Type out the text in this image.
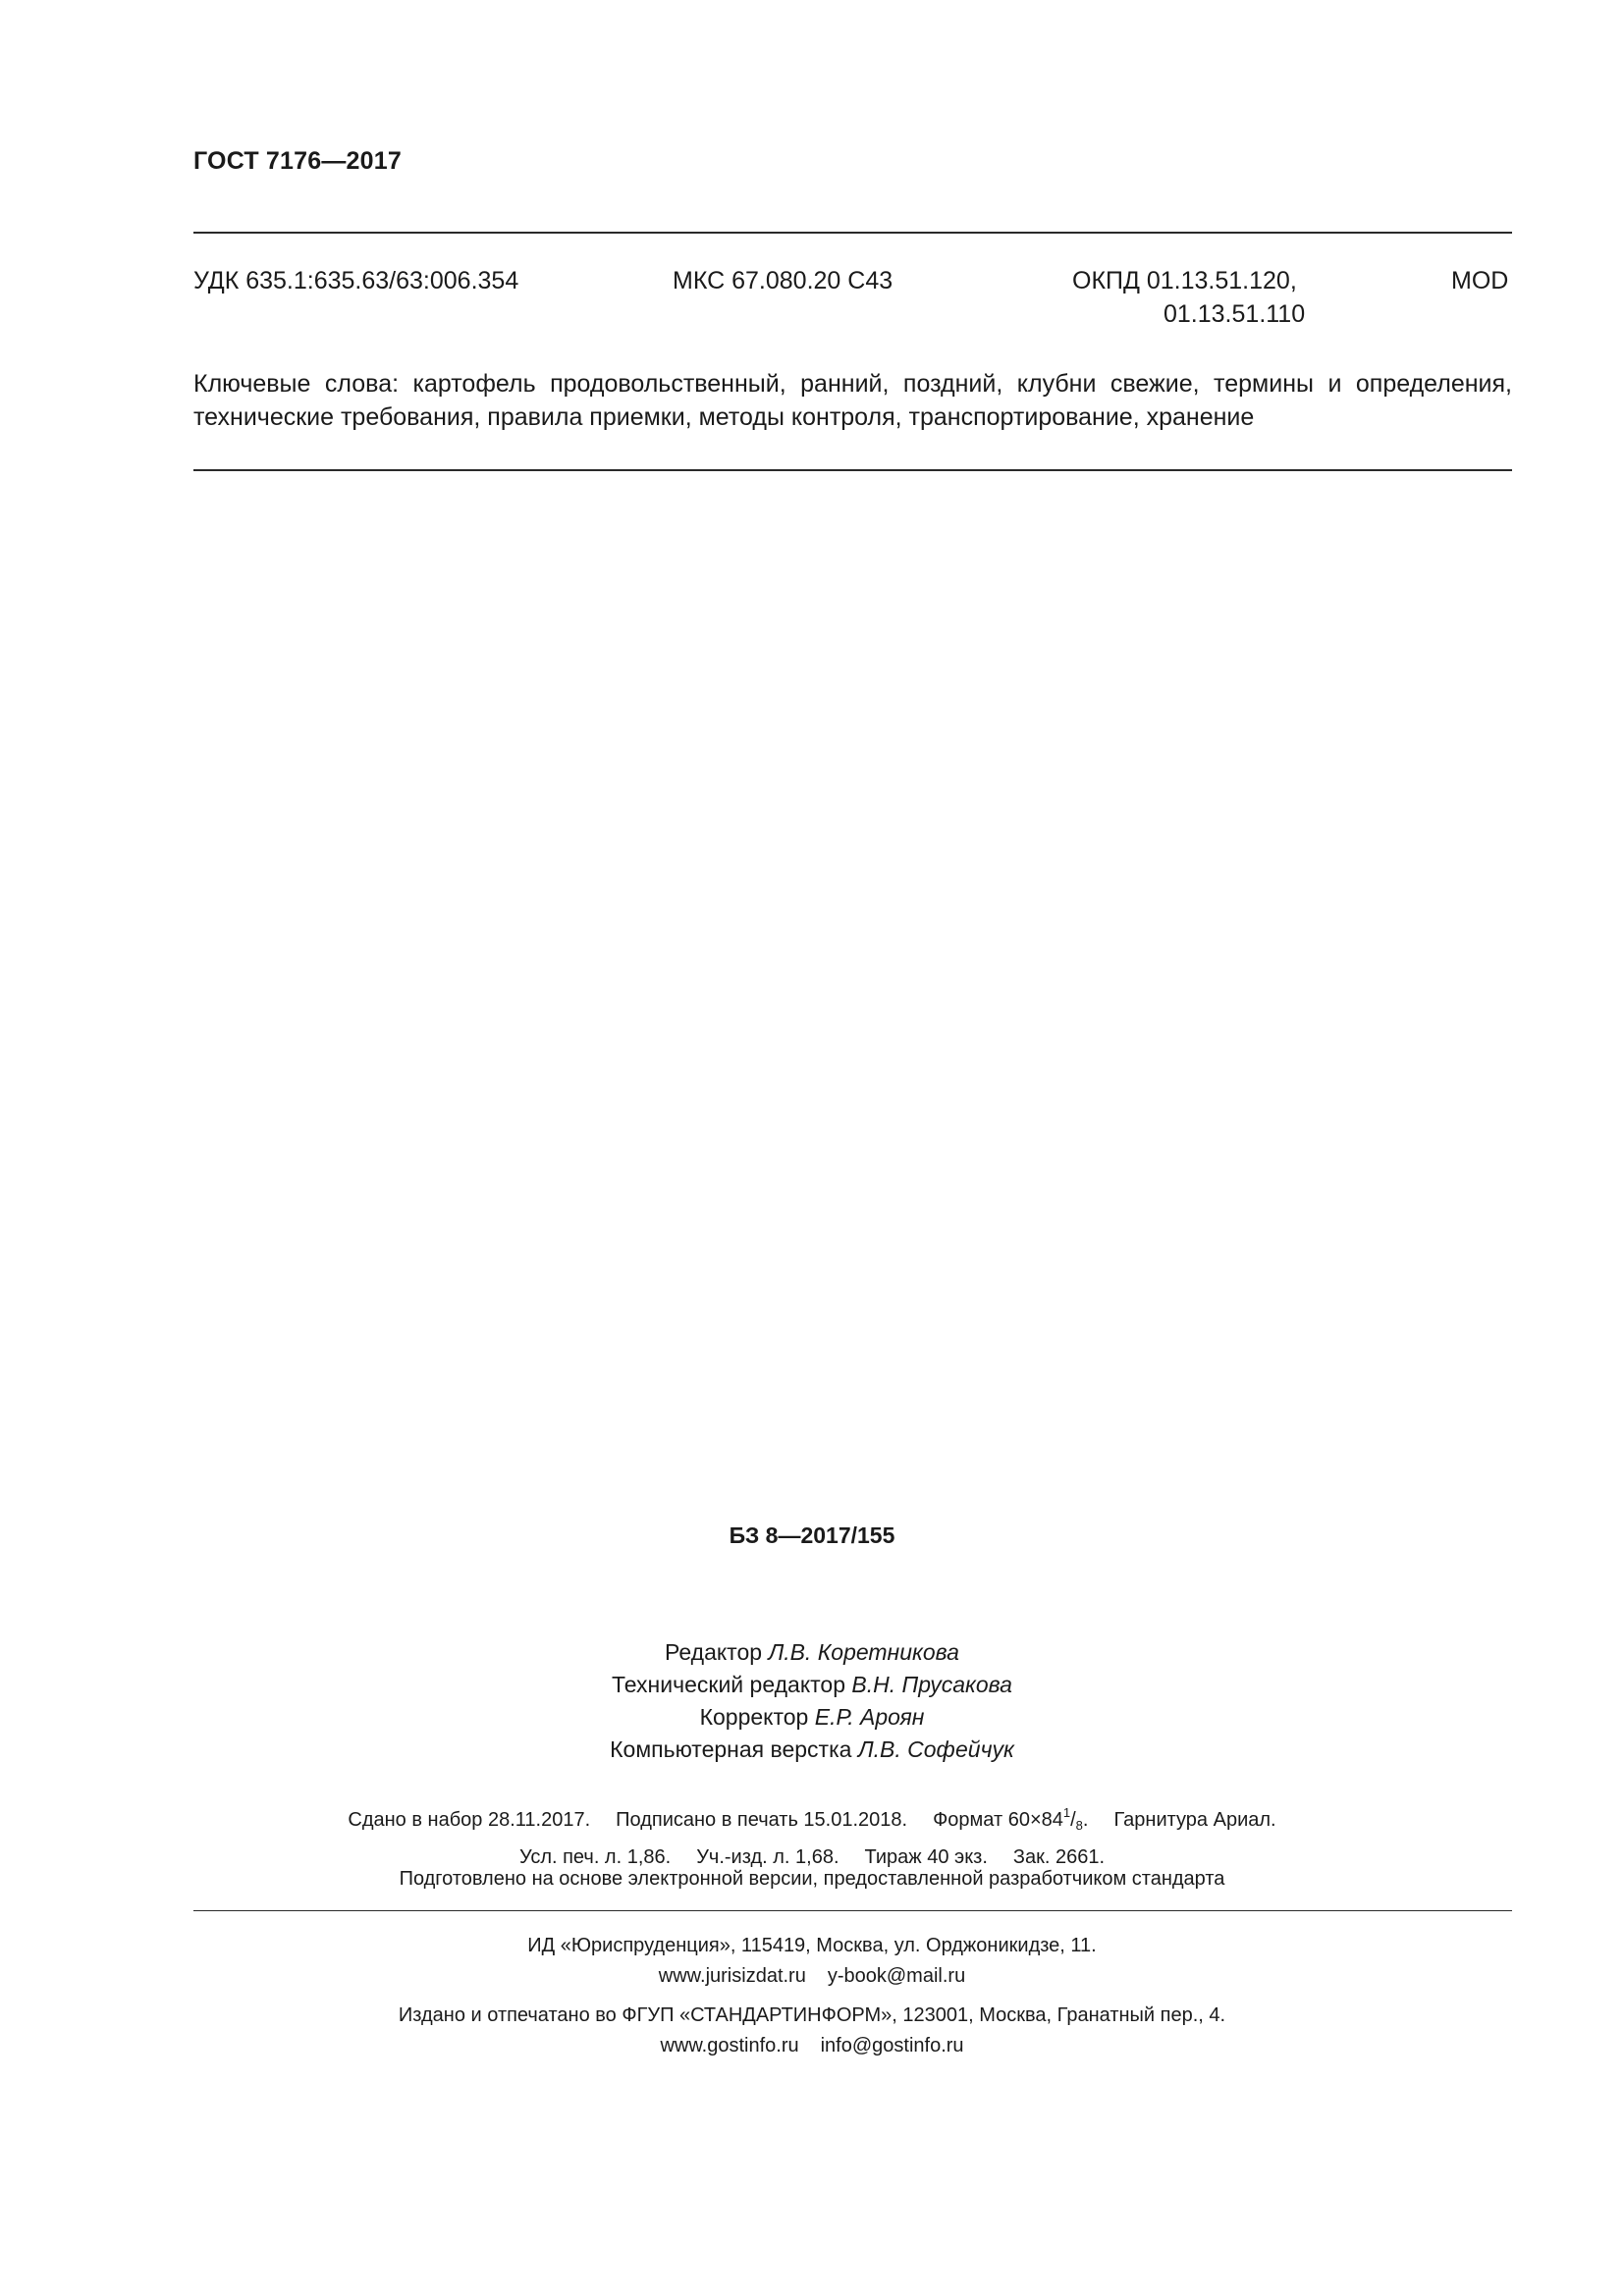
ГОСТ 7176—2017
УДК 635.1:635.63/63:006.354	МКС 67.080.20 С43	ОКПД 01.13.51.120,
01.13.51.110
MOD
Ключевые слова: картофель продовольственный, ранний, поздний, клубни свежие, термины и определения, технические требования, правила приемки, методы контроля, транспортирование, хранение
БЗ 8—2017/155
Редактор Л.В. Коретникова
Технический редактор В.Н. Прусакова
Корректор Е.Р. Ароян
Компьютерная верстка Л.В. Софейчук
Сдано в набор 28.11.2017. Подписано в печать 15.01.2018. Формат $60\times 84^1/_8$. Гарнитура Ариал.
Усл. печ. л. 1,86. Уч.-изд. л. 1,68. Тираж 40 экз. Зак. 2661.
Подготовлено на основе электронной версии, предоставленной разработчиком стандарта
ИД «Юриспруденция», 115419, Москва, ул. Орджоникидзе, 11.
www.jurisizdat.ru y-book@mail.ru
Издано и отпечатано во ФГУП «СТАНДАРТИНФОРМ», 123001, Москва, Гранатный пер., 4.
www.gostinfo.ru info@gostinfo.ru
